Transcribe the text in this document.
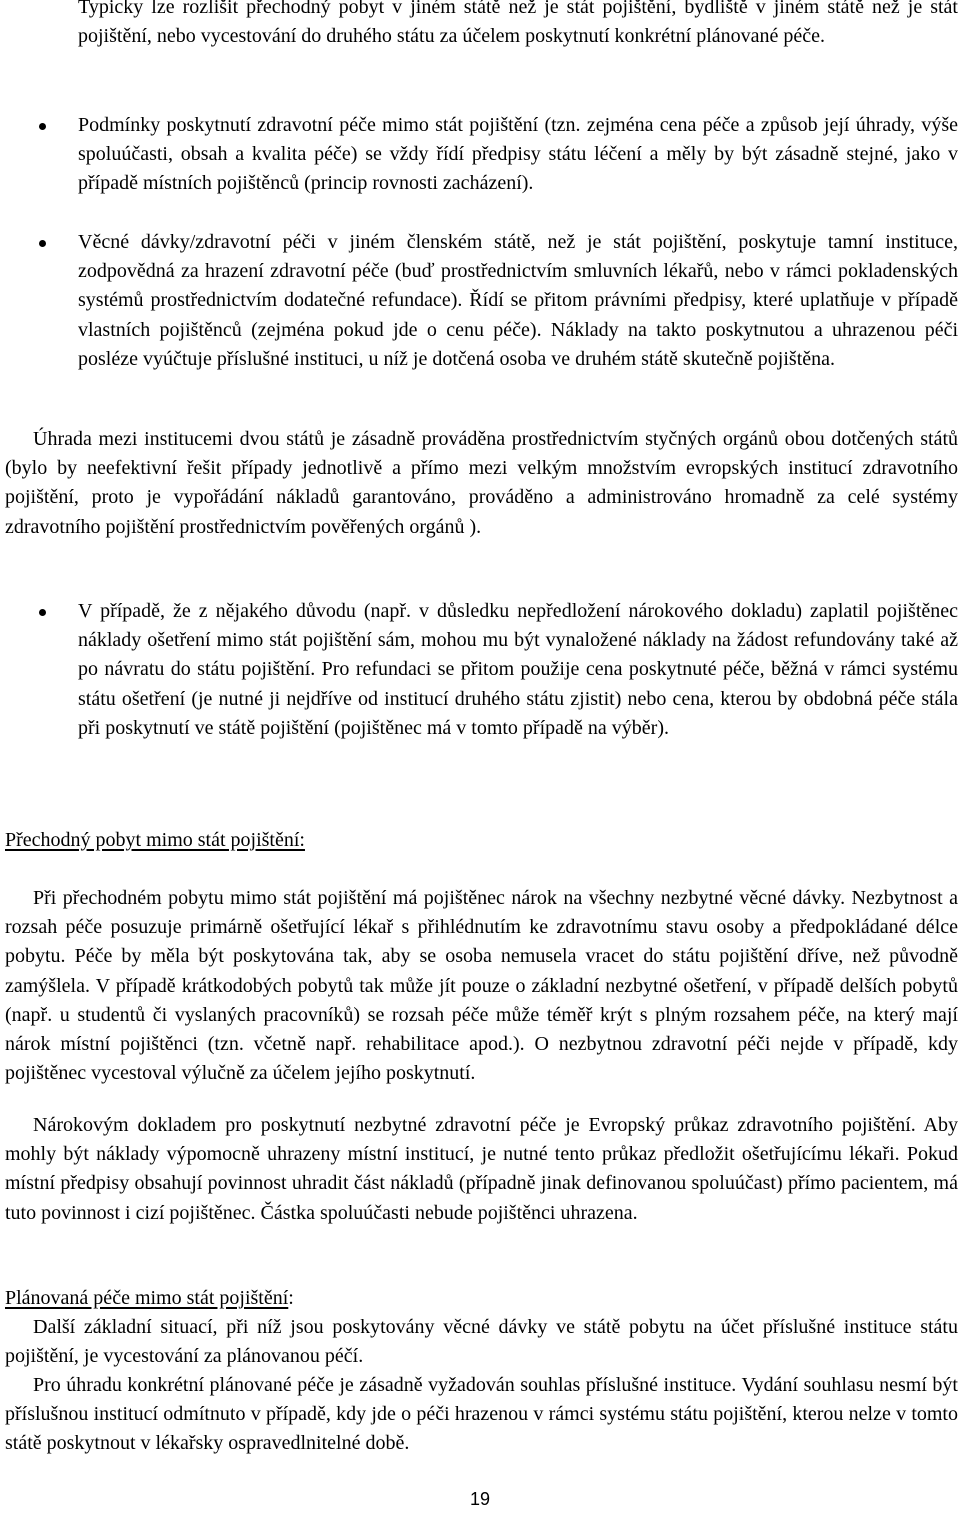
Typicky lze rozlišit přechodný pobyt v jiném státě než je stát pojištění, bydliště v jiném státě než je stát pojištění, nebo vycestování do druhého státu za účelem poskytnutí konkrétní plánované péče.

Podmínky poskytnutí zdravotní péče mimo stát pojištění (tzn. zejména cena péče a způsob její úhrady, výše spoluúčasti, obsah a kvalita péče) se vždy řídí předpisy státu léčení a měly by být zásadně stejné, jako v případě místních pojištěnců (princip rovnosti zacházení).

Věcné dávky/zdravotní péči v jiném členském státě, než je stát pojištění, poskytuje tamní instituce, zodpovědná za hrazení zdravotní péče (buď prostřednictvím smluvních lékařů, nebo v rámci pokladenských systémů prostřednictvím dodatečné refundace). Řídí se přitom právními předpisy, které uplatňuje v případě vlastních pojištěnců (zejména pokud jde o cenu péče). Náklady na takto poskytnutou a uhrazenou péči posléze vyúčtuje příslušné instituci, u níž je dotčená osoba ve druhém státě skutečně pojištěna.

Úhrada mezi institucemi dvou států je zásadně prováděna prostřednictvím styčných orgánů obou dotčených států (bylo by neefektivní řešit případy jednotlivě a přímo mezi velkým množstvím evropských institucí zdravotního pojištění, proto je vypořádání nákladů garantováno, prováděno a administrováno hromadně za celé systémy zdravotního pojištění prostřednictvím pověřených orgánů ).

V případě, že z nějakého důvodu (např. v důsledku nepředložení nárokového dokladu) zaplatil pojištěnec náklady ošetření mimo stát pojištění sám, mohou mu být vynaložené náklady na žádost refundovány také až po návratu do státu pojištění. Pro refundaci se přitom použije cena poskytnuté péče, běžná v rámci systému státu ošetření (je nutné ji nejdříve od institucí druhého státu zjistit) nebo cena, kterou by obdobná péče stála při poskytnutí ve státě pojištění (pojištěnec má v tomto případě na výběr).

Přechodný pobyt mimo stát pojištění:

Při přechodném pobytu mimo stát pojištění má pojištěnec nárok na všechny nezbytné věcné dávky. Nezbytnost a rozsah péče posuzuje primárně ošetřující lékař s přihlédnutím ke zdravotnímu stavu osoby a předpokládané délce pobytu. Péče by měla být poskytována tak, aby se osoba nemusela vracet do státu pojištění dříve, než původně zamýšlela. V případě krátkodobých pobytů tak může jít pouze o základní nezbytné ošetření, v případě delších pobytů (např. u studentů či vyslaných pracovníků) se rozsah péče může téměř krýt s plným rozsahem péče, na který mají nárok místní pojištěnci (tzn. včetně např. rehabilitace apod.). O nezbytnou zdravotní péči nejde v případě, kdy pojištěnec vycestoval výlučně za účelem jejího poskytnutí.

Nárokovým dokladem pro poskytnutí nezbytné zdravotní péče je Evropský průkaz zdravotního pojištění. Aby mohly být náklady výpomocně uhrazeny místní institucí, je nutné tento průkaz předložit ošetřujícímu lékaři. Pokud místní předpisy obsahují povinnost uhradit část nákladů (případně jinak definovanou spoluúčast) přímo pacientem, má tuto povinnost i cizí pojištěnec. Částka spoluúčasti nebude pojištěnci uhrazena.

Plánovaná péče mimo stát pojištění:

Další základní situací, při níž jsou poskytovány věcné dávky ve státě pobytu na účet příslušné instituce státu pojištění, je vycestování za plánovanou péčí.

Pro úhradu konkrétní plánované péče je zásadně vyžadován souhlas příslušné instituce. Vydání souhlasu nesmí být příslušnou institucí odmítnuto v případě, kdy jde o péči hrazenou v rámci systému státu pojištění, kterou nelze v tomto státě poskytnout v lékařsky ospravedlnitelné době.

19
